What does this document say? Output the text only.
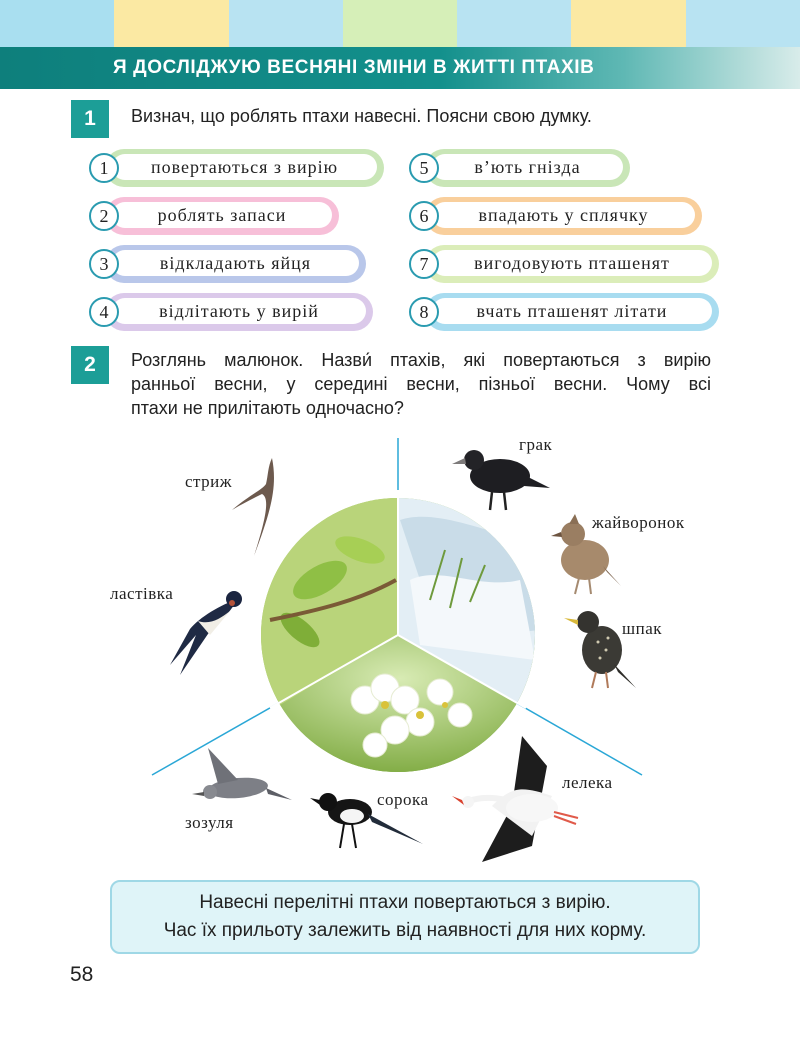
Я ДОСЛІДЖУЮ ВЕСНЯНІ ЗМІНИ В ЖИТТІ ПТАХІВ
1	Визнач, що роблять птахи навесні. Поясни свою думку.
1	повертаються з вирію
2	роблять запаси
3	відкладають яйця
4	відлітають у вирій
5	в’ють гнізда
6	впадають у сплячку
7	вигодовують пташенят
8	вчать пташенят літати
2	Розглянь малюнок. Назви́ птахів, які повертаються з вирію
ранньої весни, у середині весни, пізньої весни. Чому всі
птахи не прилітають одночасно?
грак
жайворонок
шпак
лелека
сорока
зозуля
ластівка
стриж
Навесні перелітні птахи повертаються з вирію.
Час їх прильоту залежить від наявності для них корму.
58
